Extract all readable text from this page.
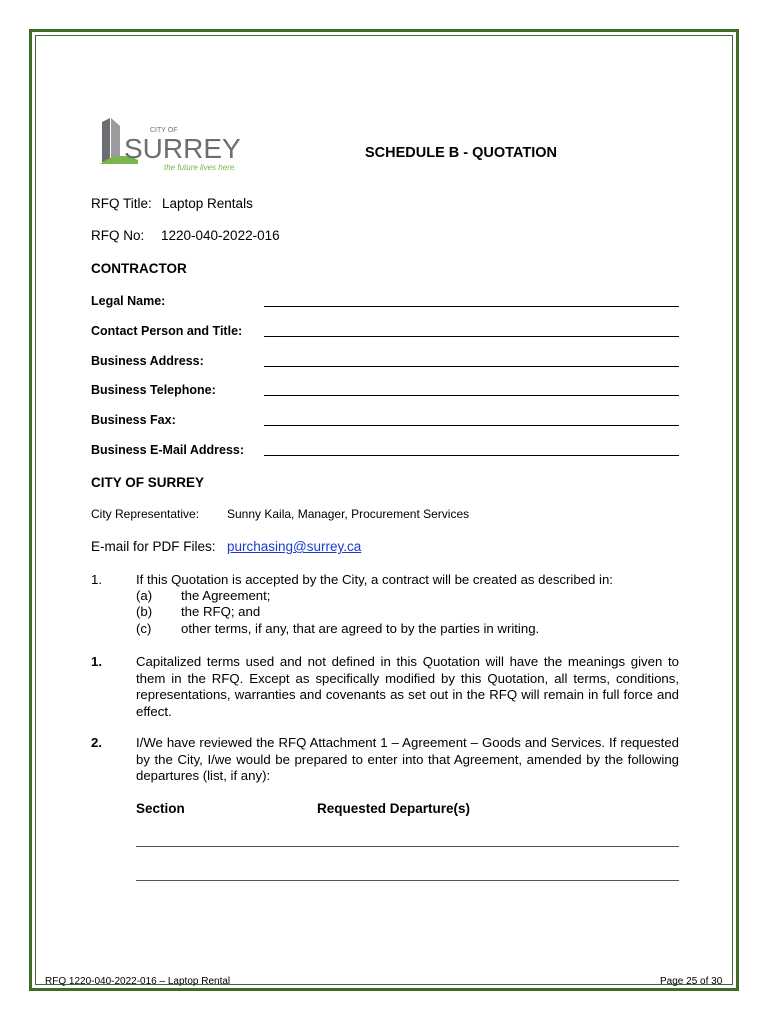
CITY OF
SURREY
the future lives here.
SCHEDULE B - QUOTATION
RFQ Title: Laptop Rentals
RFQ No: 1220-040-2022-016
CONTRACTOR
Legal Name:
Contact Person and Title:
Business Address:
Business Telephone:
Business Fax:
Business E-Mail Address:
CITY OF SURREY
City Representative: Sunny Kaila, Manager, Procurement Services
E-mail for PDF Files: purchasing@surrey.ca
1.	If this Quotation is accepted by the City, a contract will be created as described in:
(a) the Agreement;
(b) the RFQ; and
(c) other terms, if any, that are agreed to by the parties in writing.
1.	Capitalized terms used and not defined in this Quotation will have the meanings given to them in the RFQ. Except as specifically modified by this Quotation, all terms, conditions, representations, warranties and covenants as set out in the RFQ will remain in full force and effect.
2.	I/We have reviewed the RFQ Attachment 1 – Agreement – Goods and Services. If requested by the City, I/we would be prepared to enter into that Agreement, amended by the following departures (list, if any):
Section	Requested Departure(s)
RFQ 1220-040-2022-016 – Laptop Rental	Page 25 of 30
